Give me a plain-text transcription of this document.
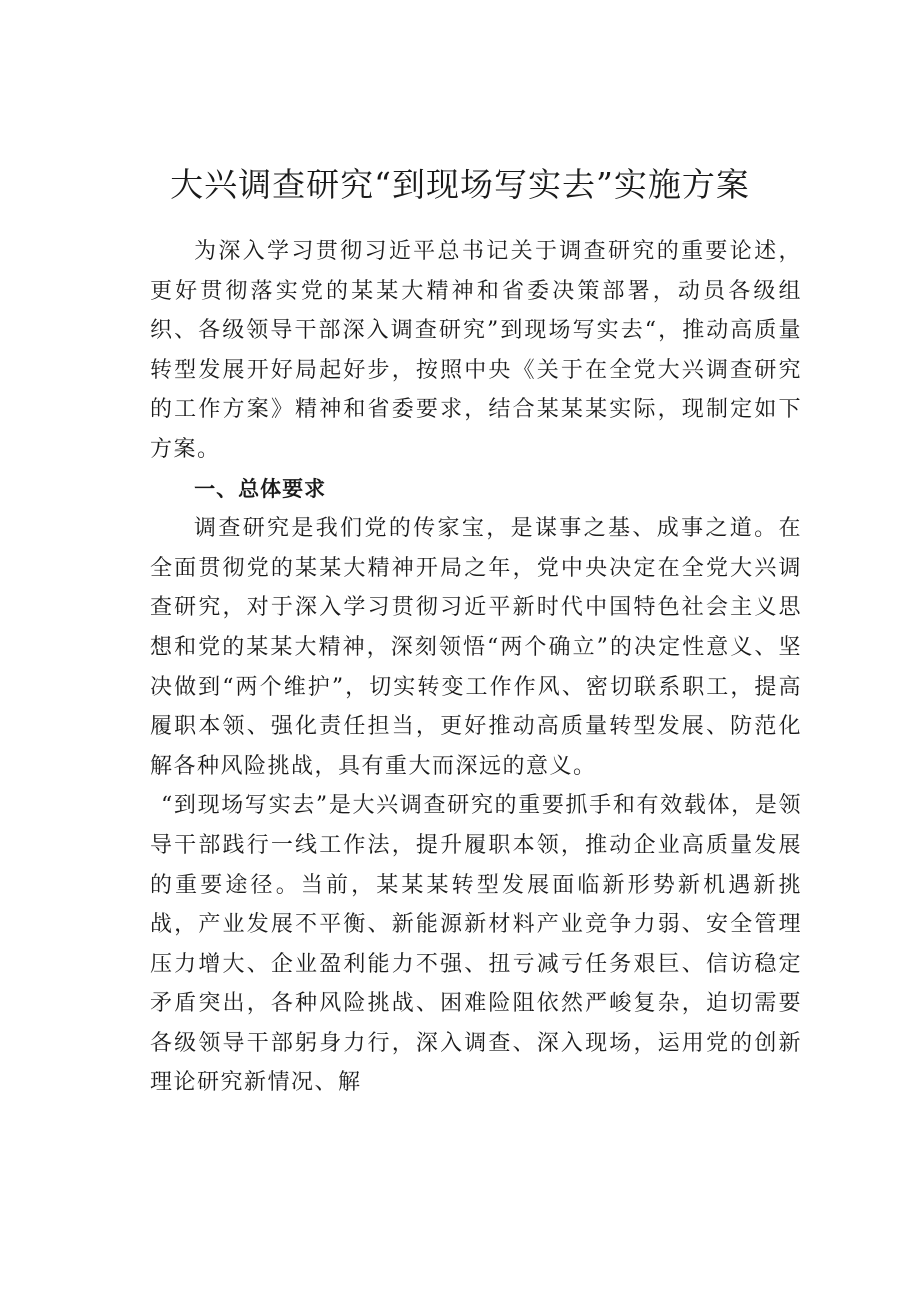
大兴调查研究“到现场写实去”实施方案

为深入学习贯彻习近平总书记关于调查研究的重要论述，更好贯彻落实党的某某大精神和省委决策部署，动员各级组织、各级领导干部深入调查研究”到现场写实去“，推动高质量转型发展开好局起好步，按照中央《关于在全党大兴调查研究的工作方案》精神和省委要求，结合某某某实际，现制定如下方案。

一、总体要求

调查研究是我们党的传家宝，是谋事之基、成事之道。在全面贯彻党的某某大精神开局之年，党中央决定在全党大兴调查研究，对于深入学习贯彻习近平新时代中国特色社会主义思想和党的某某大精神，深刻领悟“两个确立”的决定性意义、坚决做到“两个维护”，切实转变工作作风、密切联系职工，提高履职本领、强化责任担当，更好推动高质量转型发展、防范化解各种风险挑战，具有重大而深远的意义。

“到现场写实去”是大兴调查研究的重要抓手和有效载体，是领导干部践行一线工作法，提升履职本领，推动企业高质量发展的重要途径。当前，某某某转型发展面临新形势新机遇新挑战，产业发展不平衡、新能源新材料产业竞争力弱、安全管理压力增大、企业盈利能力不强、扭亏减亏任务艰巨、信访稳定矛盾突出，各种风险挑战、困难险阻依然严峻复杂，迫切需要各级领导干部躬身力行，深入调查、深入现场，运用党的创新理论研究新情况、解
